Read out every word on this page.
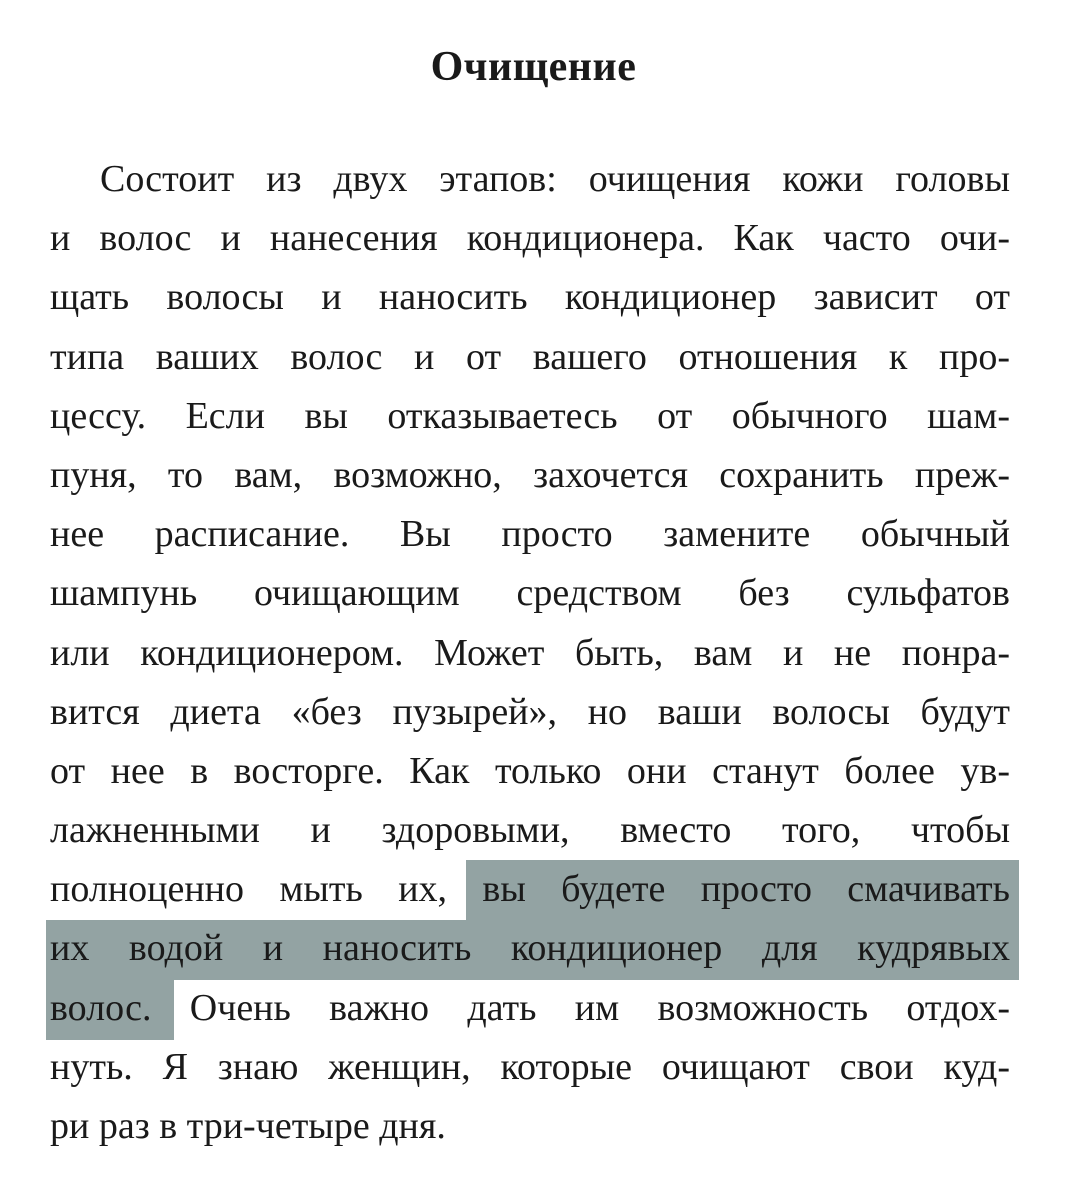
Очищение
Состоит из двух этапов: очищения кожи головы
и волос и нанесения кондиционера. Как часто очи-
щать волосы и наносить кондиционер зависит от
типа ваших волос и от вашего отношения к про-
цессу. Если вы отказываетесь от обычного шам-
пуня, то вам, возможно, захочется сохранить преж-
нее расписание. Вы просто замените обычный
шампунь очищающим средством без сульфатов
или кондиционером. Может быть, вам и не понра-
вится диета «без пузырей», но ваши волосы будут
от нее в восторге. Как только они станут более ув-
лажненными и здоровыми, вместо того, чтобы
полноценно мыть их, вы будете просто смачивать
их водой и наносить кондиционер для кудрявых
волос. Очень важно дать им возможность отдох-
нуть. Я знаю женщин, которые очищают свои куд-
ри раз в три-четыре дня.
